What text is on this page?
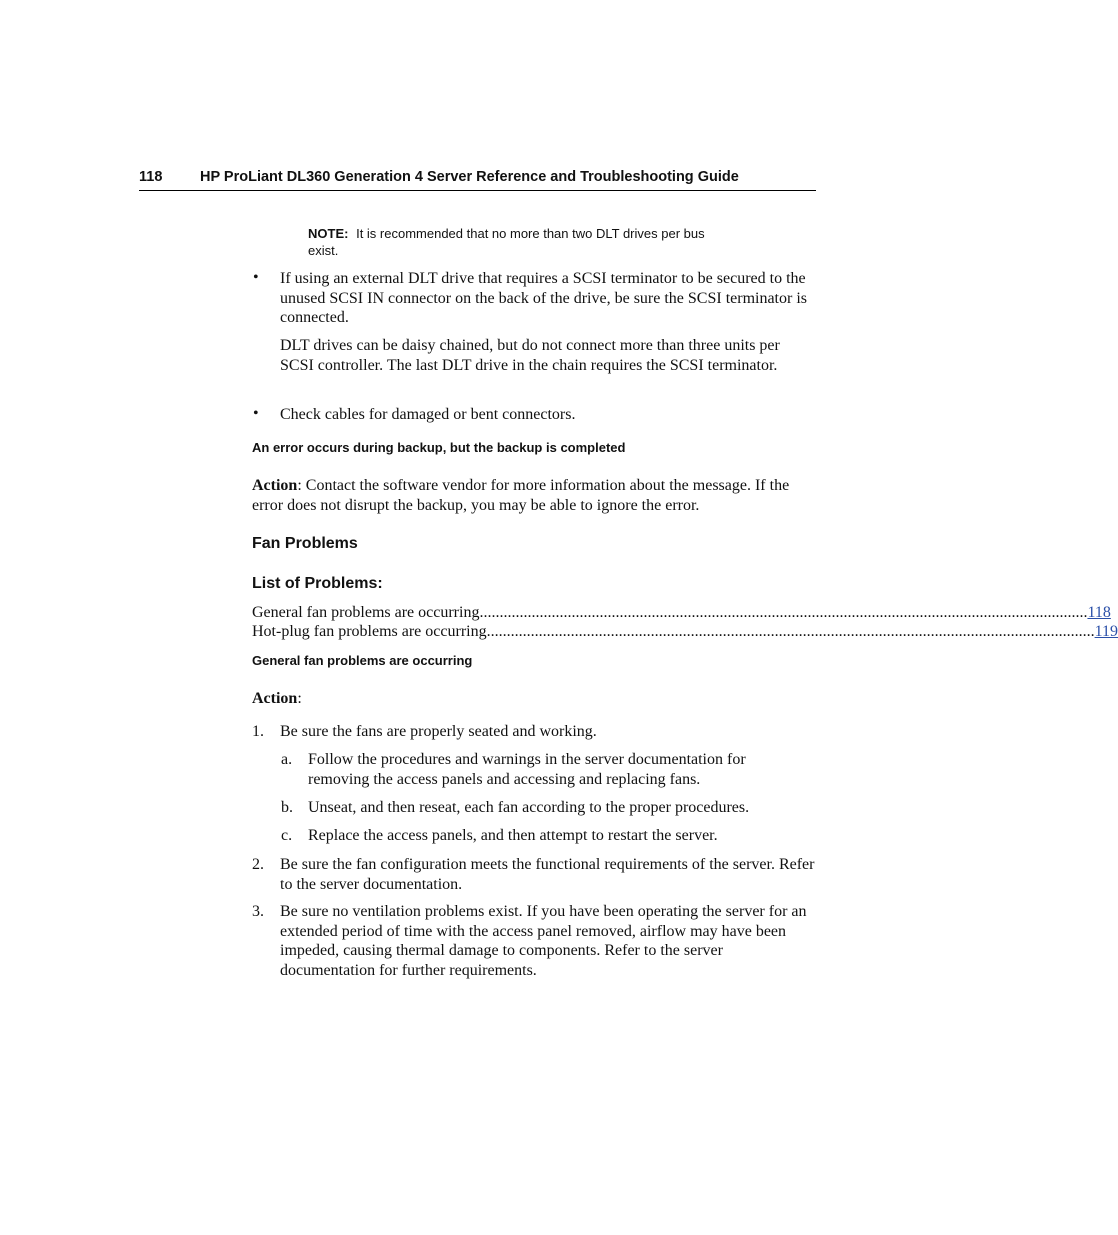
118	HP ProLiant DL360 Generation 4 Server Reference and Troubleshooting Guide
NOTE: It is recommended that no more than two DLT drives per bus
exist.
• If using an external DLT drive that requires a SCSI terminator to be secured to the unused SCSI IN connector on the back of the drive, be sure the SCSI terminator is connected.
DLT drives can be daisy chained, but do not connect more than three units per SCSI controller. The last DLT drive in the chain requires the SCSI terminator.
• Check cables for damaged or bent connectors.
An error occurs during backup, but the backup is completed
Action: Contact the software vendor for more information about the message. If the error does not disrupt the backup, you may be able to ignore the error.
Fan Problems
List of Problems:
General fan problems are occurring ........................................................................................................................................................ 118
Hot-plug fan problems are occurring ........................................................................................................................................................ 119
General fan problems are occurring
Action:
1. Be sure the fans are properly seated and working.
a. Follow the procedures and warnings in the server documentation for removing the access panels and accessing and replacing fans.
b. Unseat, and then reseat, each fan according to the proper procedures.
c. Replace the access panels, and then attempt to restart the server.
2. Be sure the fan configuration meets the functional requirements of the server. Refer to the server documentation.
3. Be sure no ventilation problems exist. If you have been operating the server for an extended period of time with the access panel removed, airflow may have been impeded, causing thermal damage to components. Refer to the server documentation for further requirements.
